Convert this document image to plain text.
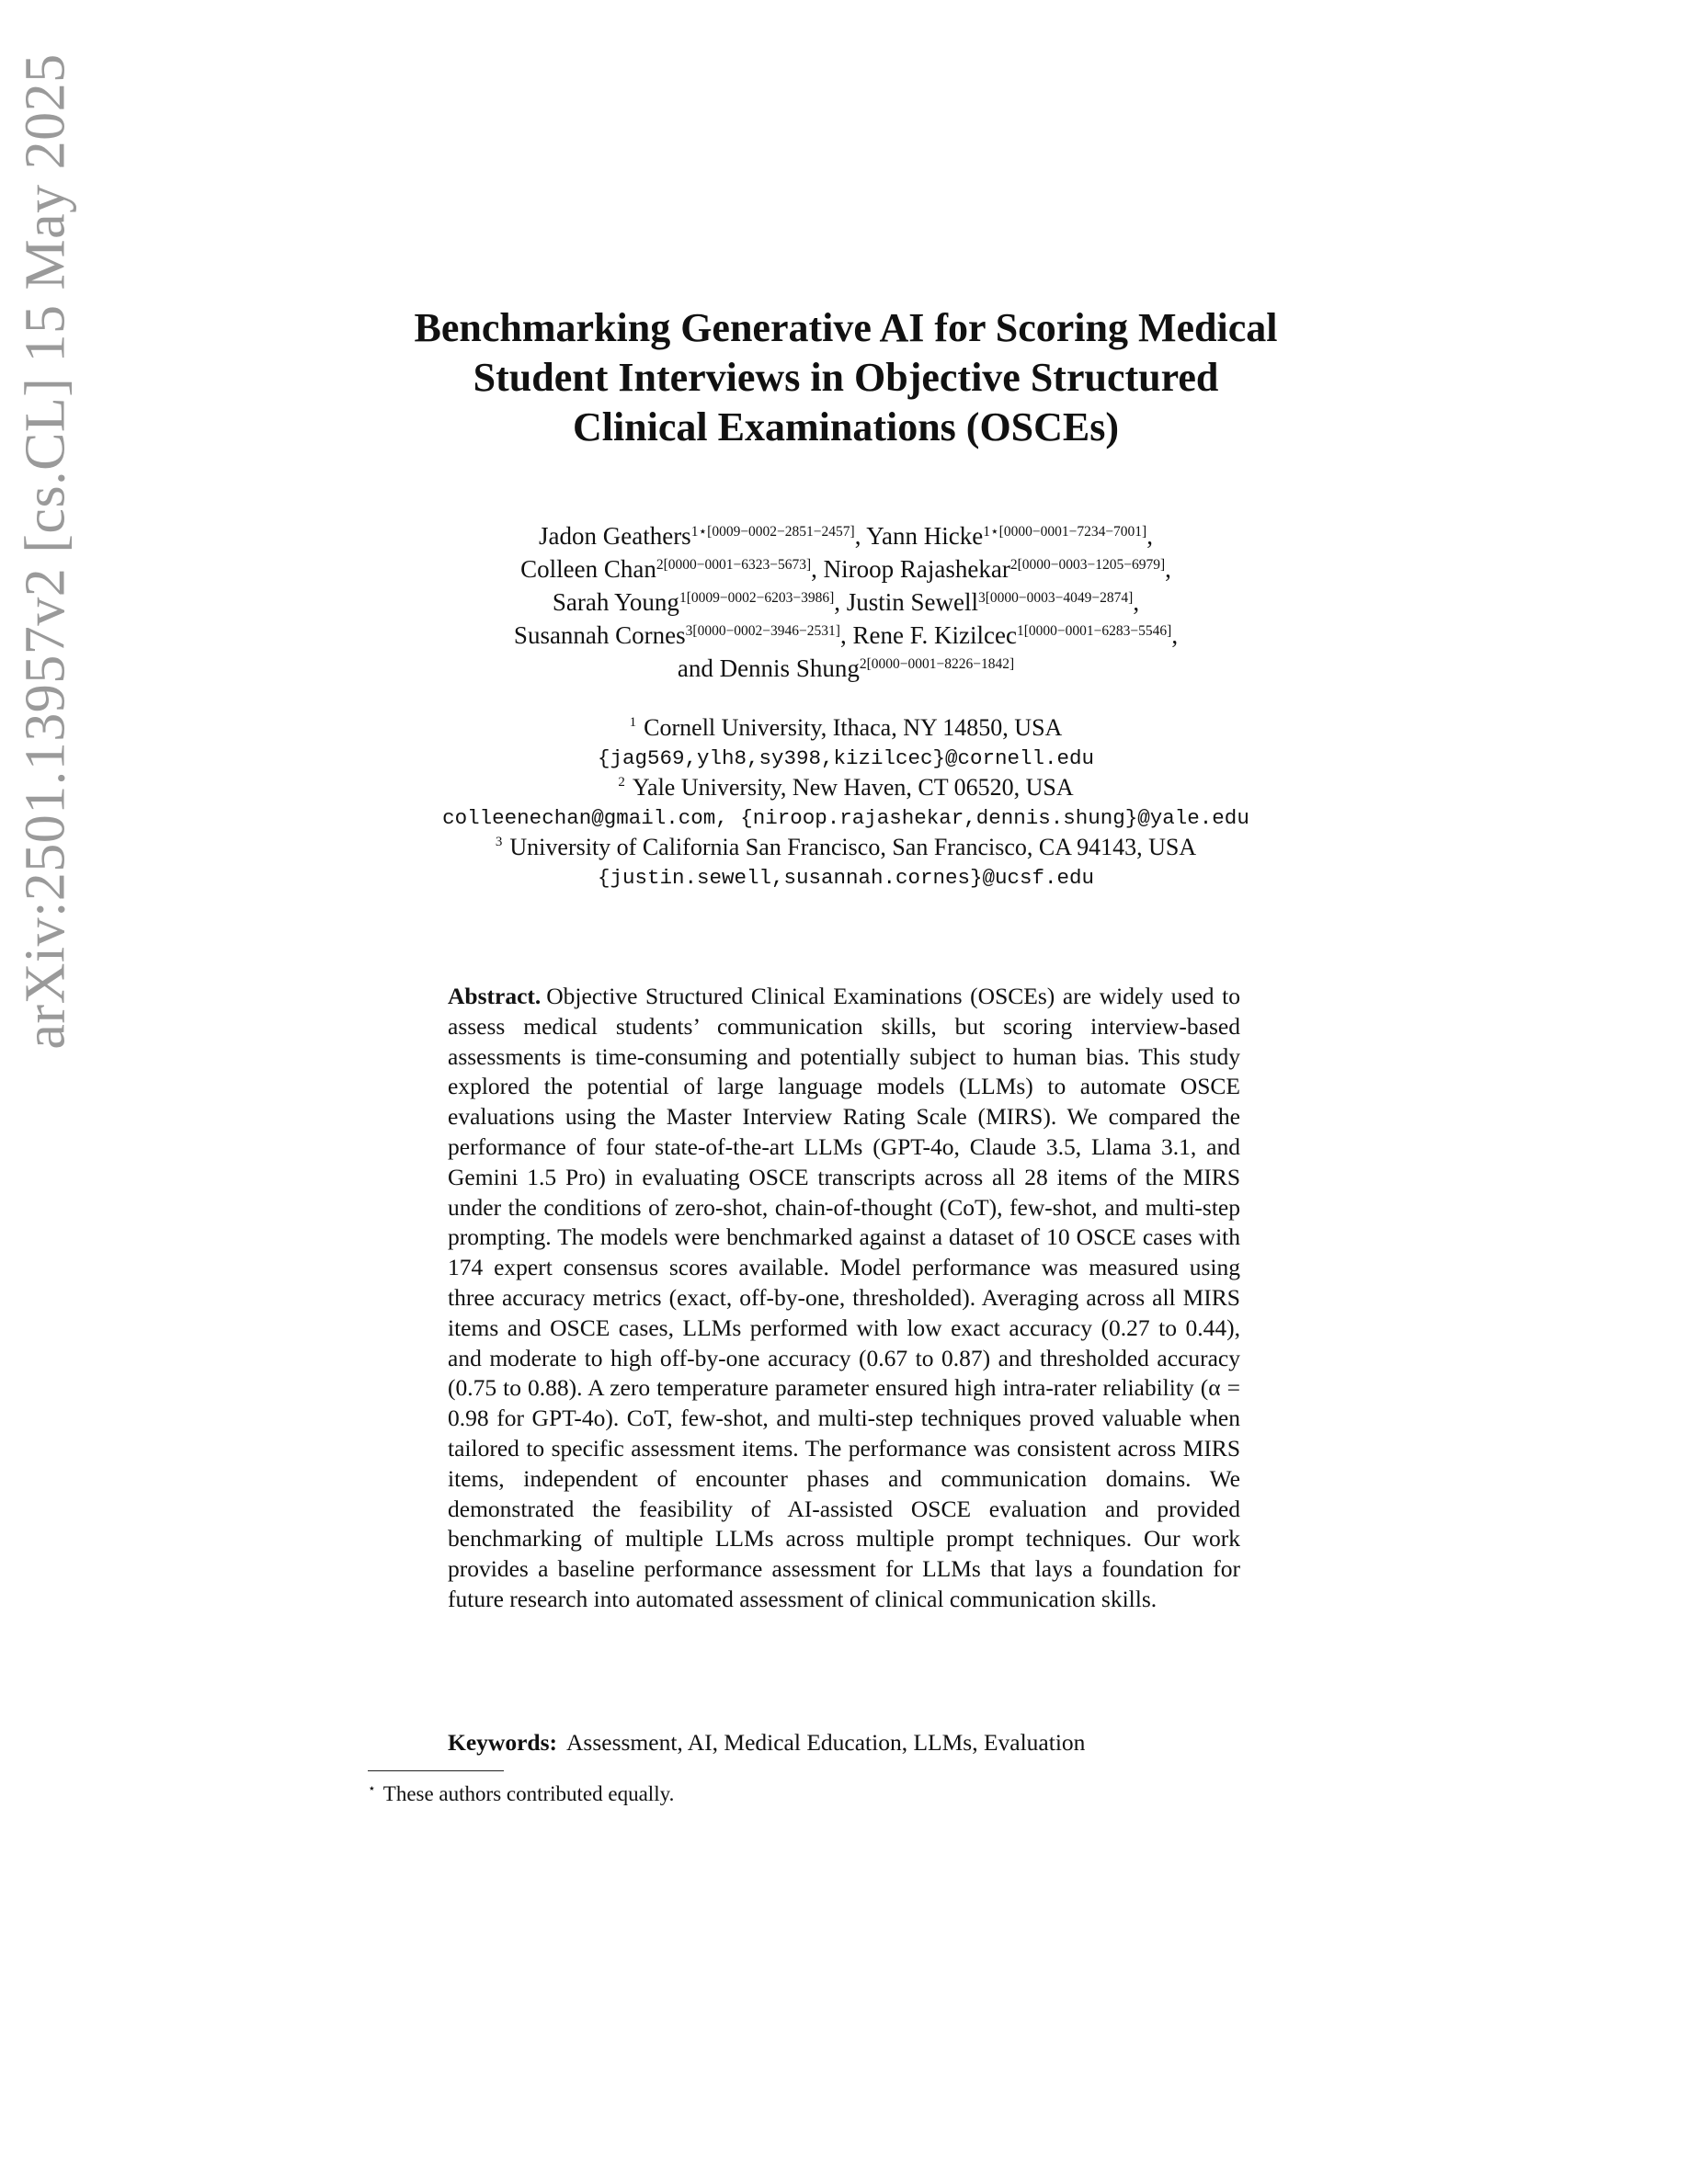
arXiv:2501.13957v2 [cs.CL] 15 May 2025	Benchmarking Generative AI for Scoring Medical
Student Interviews in Objective Structured
Clinical Examinations (OSCEs)
Jadon Geathers$^{1⋆[0009-0002-2851-2457]}$, Yann Hicke$^{1⋆[0000-0001-7234-7001]}$,
Colleen Chan$^{2[0000-0001-6323-5673]}$, Niroop Rajashekar$^{2[0000-0003-1205-6979]}$,
Sarah Young$^{1[0009-0002-6203-3986]}$, Justin Sewell$^{3[0000-0003-4049-2874]}$,
Susannah Cornes$^{3[0000-0002-3946-2531]}$, Rene F. Kizilcec$^{1[0000-0001-6283-5546]}$,
and Dennis Shung$^{2[0000-0001-8226-1842]}$
$^1$ Cornell University, Ithaca, NY 14850, USA
{jag569,ylh8,sy398,kizilcec}@cornell.edu
$^2$ Yale University, New Haven, CT 06520, USA
colleenechan@gmail.com, {niroop.rajashekar,dennis.shung}@yale.edu
$^3$ University of California San Francisco, San Francisco, CA 94143, USA
{justin.sewell,susannah.cornes}@ucsf.edu

Abstract. Objective Structured Clinical Examinations (OSCEs) are widely used to assess medical students’ communication skills, but scoring interview-based assessments is time-consuming and potentially subject to human bias. This study explored the potential of large language models (LLMs) to automate OSCE evaluations using the Master Interview Rating Scale (MIRS). We compared the performance of four state-of-the-art LLMs (GPT-4o, Claude 3.5, Llama 3.1, and Gemini 1.5 Pro) in evaluating OSCE transcripts across all 28 items of the MIRS under the conditions of zero-shot, chain-of-thought (CoT), few-shot, and multi-step prompting. The models were benchmarked against a dataset of 10 OSCE cases with 174 expert consensus scores available. Model performance was measured using three accuracy metrics (exact, off-by-one, thresholded). Averaging across all MIRS items and OSCE cases, LLMs performed with low exact accuracy (0.27 to 0.44), and moderate to high off-by-one accuracy (0.67 to 0.87) and thresholded accuracy (0.75 to 0.88). A zero temperature parameter ensured high intra-rater reliability (α = 0.98 for GPT-4o). CoT, few-shot, and multi-step techniques proved valuable when tailored to specific assessment items. The performance was consistent across MIRS items, independent of encounter phases and communication domains. We demonstrated the feasibility of AI-assisted OSCE evaluation and provided benchmarking of multiple LLMs across multiple prompt techniques. Our work provides a baseline performance assessment for LLMs that lays a foundation for future research into automated assessment of clinical communication skills.

Keywords: Assessment, AI, Medical Education, LLMs, Evaluation
⋆ These authors contributed equally.
